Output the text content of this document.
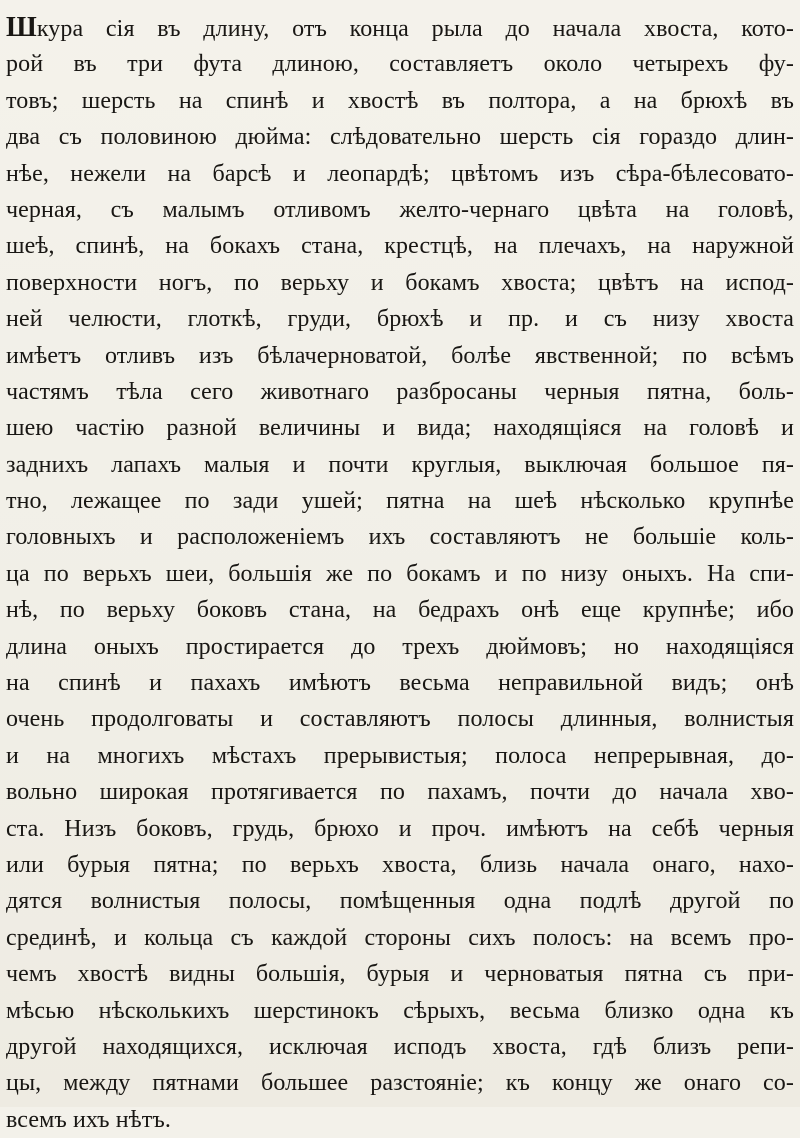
Шкура сія въ длину, отъ конца рыла до начала хвоста, кото-
рой въ три фута длиною, составляетъ около четырехъ фу-
товъ; шерсть на спинѣ и хвостѣ въ полтора, а на брюхѣ въ
два съ половиною дюйма: слѣдовательно шерсть сія гораздо длин-
нѣе, нежели на барсѣ и леопардѣ; цвѣтомъ изъ сѣра-бѣлесовато-
черная, съ малымъ отливомъ желто-чернаго цвѣта на головѣ,
шеѣ, спинѣ, на бокахъ стана, крестцѣ, на плечахъ, на наружной
поверхности ногъ, по верьху и бокамъ хвоста; цвѣтъ на испод-
ней челюсти, глоткѣ, груди, брюхѣ и пр. и съ низу хвоста
имѣетъ отливъ изъ бѣлачерноватой, болѣе явственной; по всѣмъ
частямъ тѣла сего животнаго разбросаны черныя пятна, боль-
шею частію разной величины и вида; находящіяся на головѣ и
заднихъ лапахъ малыя и почти круглыя, выключая большое пя-
тно, лежащее по зади ушей; пятна на шеѣ нѣсколько крупнѣе
головныхъ и расположеніемъ ихъ составляютъ не большіе коль-
ца по верьхъ шеи, большія же по бокамъ и по низу оныхъ. На спи-
нѣ, по верьху боковъ стана, на бедрахъ онѣ еще крупнѣе; ибо
длина оныхъ простирается до трехъ дюймовъ; но находящіяся
на спинѣ и пахахъ имѣютъ весьма неправильной видъ; онѣ
очень продолговаты и составляютъ полосы длинныя, волнистыя
и на многихъ мѣстахъ прерывистыя; полоса непрерывная, до-
вольно широкая протягивается по пахамъ, почти до начала хво-
ста. Низъ боковъ, грудь, брюхо и проч. имѣютъ на себѣ черныя
или бурыя пятна; по верьхъ хвоста, близь начала онаго, нахо-
дятся волнистыя полосы, помѣщенныя одна подлѣ другой по
срединѣ, и кольца съ каждой стороны сихъ полосъ: на всемъ про-
чемъ хвостѣ видны большія, бурыя и черноватыя пятна съ при-
мѣсью нѣсколькихъ шерстинокъ сѣрыхъ, весьма близко одна къ
другой находящихся, исключая исподъ хвоста, гдѣ близъ репи-
цы, между пятнами большее разстояніе; къ концу же онаго со-
всемъ ихъ нѣтъ.
